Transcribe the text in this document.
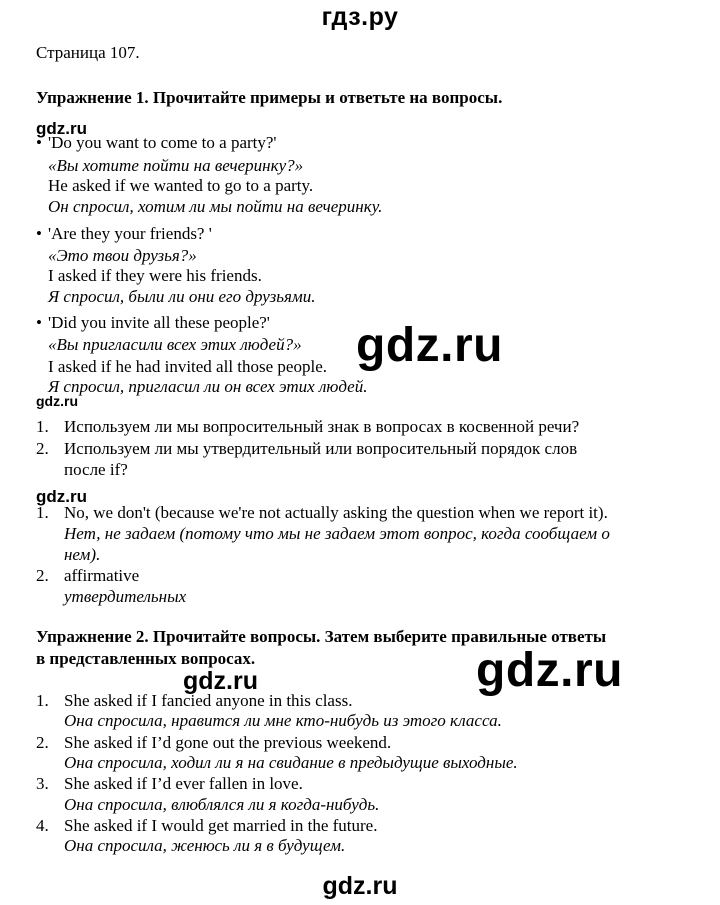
гдз.ру
Страница 107.
Упражнение 1. Прочитайте примеры и ответьте на вопросы.
gdz.ru
• 'Do you want to come to a party?'
«Вы хотите пойти на вечеринку?»
He asked if we wanted to go to a party.
Он спросил, хотим ли мы пойти на вечеринку.
• 'Are they your friends? '
«Это твои друзья?»
I asked if they were his friends.
Я спросил, были ли они его друзьями.
• 'Did you invite all these people?'
«Вы пригласили всех этих людей?»
I asked if he had invited all those people.
Я спросил, пригласил ли он всех этих людей.
gdz.ru
gdz.ru
1. Используем ли мы вопросительный знак в вопросах в косвенной речи?
2. Используем ли мы утвердительный или вопросительный порядок слов
после if?
gdz.ru
1. No, we don't (because we're not actually asking the question when we report it).
Нет, не задаем (потому что мы не задаем этот вопрос, когда сообщаем о
нем).
2. affirmative
утвердительных
Упражнение 2. Прочитайте вопросы. Затем выберите правильные ответы
в представленных вопросах.
gdz.ru	gdz.ru
1. She asked if I fancied anyone in this class.
Она спросила, нравится ли мне кто-нибудь из этого класса.
2. She asked if I’d gone out the previous weekend.
Она спросила, ходил ли я на свидание в предыдущие выходные.
3. She asked if I’d ever fallen in love.
Она спросила, влюблялся ли я когда-нибудь.
4. She asked if I would get married in the future.
Она спросила, женюсь ли я в будущем.
gdz.ru
